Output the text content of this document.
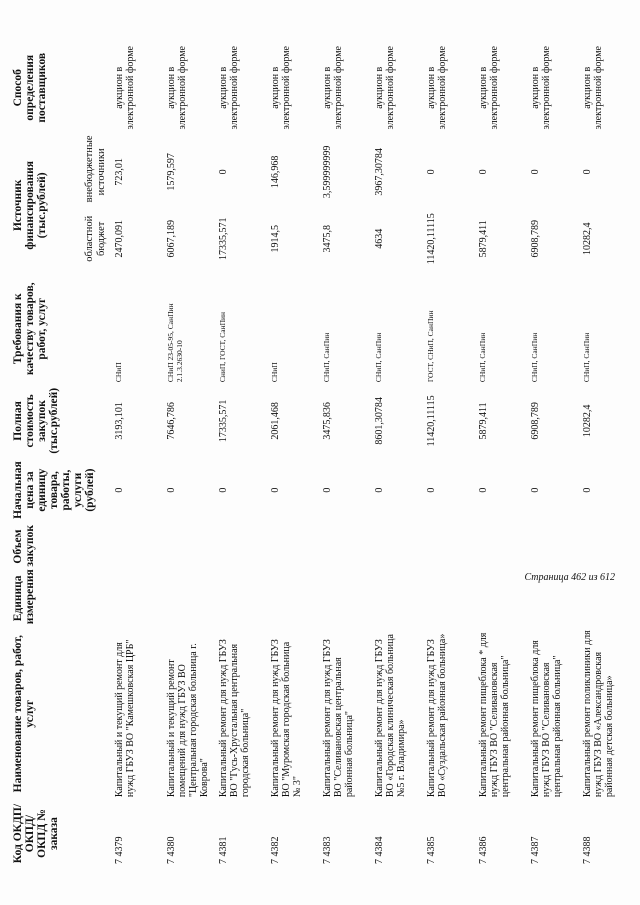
Код ОКДП/ ОКПД/ ОКПД № заказа	Наименование товаров, работ, услуг	Единица измерения	Объем закупок	Начальная цена за единицу товара, работы, услуги (рублей)	Полная стоимость закупок (тыс.рублей)	Требования к качеству товаров, работ, услуг	Источник финансирования (тыс.рублей)		Способ определения поставщиков
							областной бюджет	внебюджетные источники	
7 4379	Капитальный и текущий ремонт для нужд ГБУЗ ВО "Камешковская ЦРБ"			0	3193,101	СНиП	2470,091	723,01	аукцион в электронной форме
7 4380	Капитальный и текущий ремонт помещений для нужд ГБУЗ ВО "Центральная городская больница г. Коврова"			0	7646,786	СНиП 23-05-95, СанПин 2.1.3.2630-10	6067,189	1579,597	аукцион в электронной форме
7 4381	Капитальный ремонт для нужд ГБУЗ ВО "Гусь-Хрустальная центральная городская больница"			0	17335,571	СниП, ГОСТ, СанПин	17335,571	0	аукцион в электронной форме
7 4382	Капитальный ремонт для нужд ГБУЗ ВО "Муромская городская больница № 3"			0	2061,468	СНиП	1914,5	146,968	аукцион в электронной форме
7 4383	Капитальный ремонт для нужд ГБУЗ ВО "Селивановская центральная районная больница"			0	3475,836	СНиП, СанПин	3475,8	3,599999999	аукцион в электронной форме
7 4384	Капитальный ремонт для нужд ГБУЗ ВО «Городская клиническая больница №5 г. Владимира»			0	8601,30784	СНиП, СанПин	4634	3967,30784	аукцион в электронной форме
7 4385	Капитальный ремонт для нужд ГБУЗ ВО «Суздальская районная больница»			0	11420,11115	ГОСТ, СНиП, СанПин	11420,11115	0	аукцион в электронной форме
7 4386	Капитальный ремонт пищеблока * для нужд ГБУЗ ВО "Селивановская центральная районная больница"			0	5879,411	СНиП, СанПин	5879,411	0	аукцион в электронной форме
7 4387	Капитальный ремонт пищеблока для нужд ГБУЗ ВО "Селивановская центральная районная больница"			0	6908,789	СНиП, СанПин	6908,789	0	аукцион в электронной форме
7 4388	Капитальный ремонт поликлиники для нужд ГБУЗ ВО «Александровская районная детская больница»			0	10282,4	СНиП, СанПин	10282,4	0	аукцион в электронной форме
Страница 462 из 612
